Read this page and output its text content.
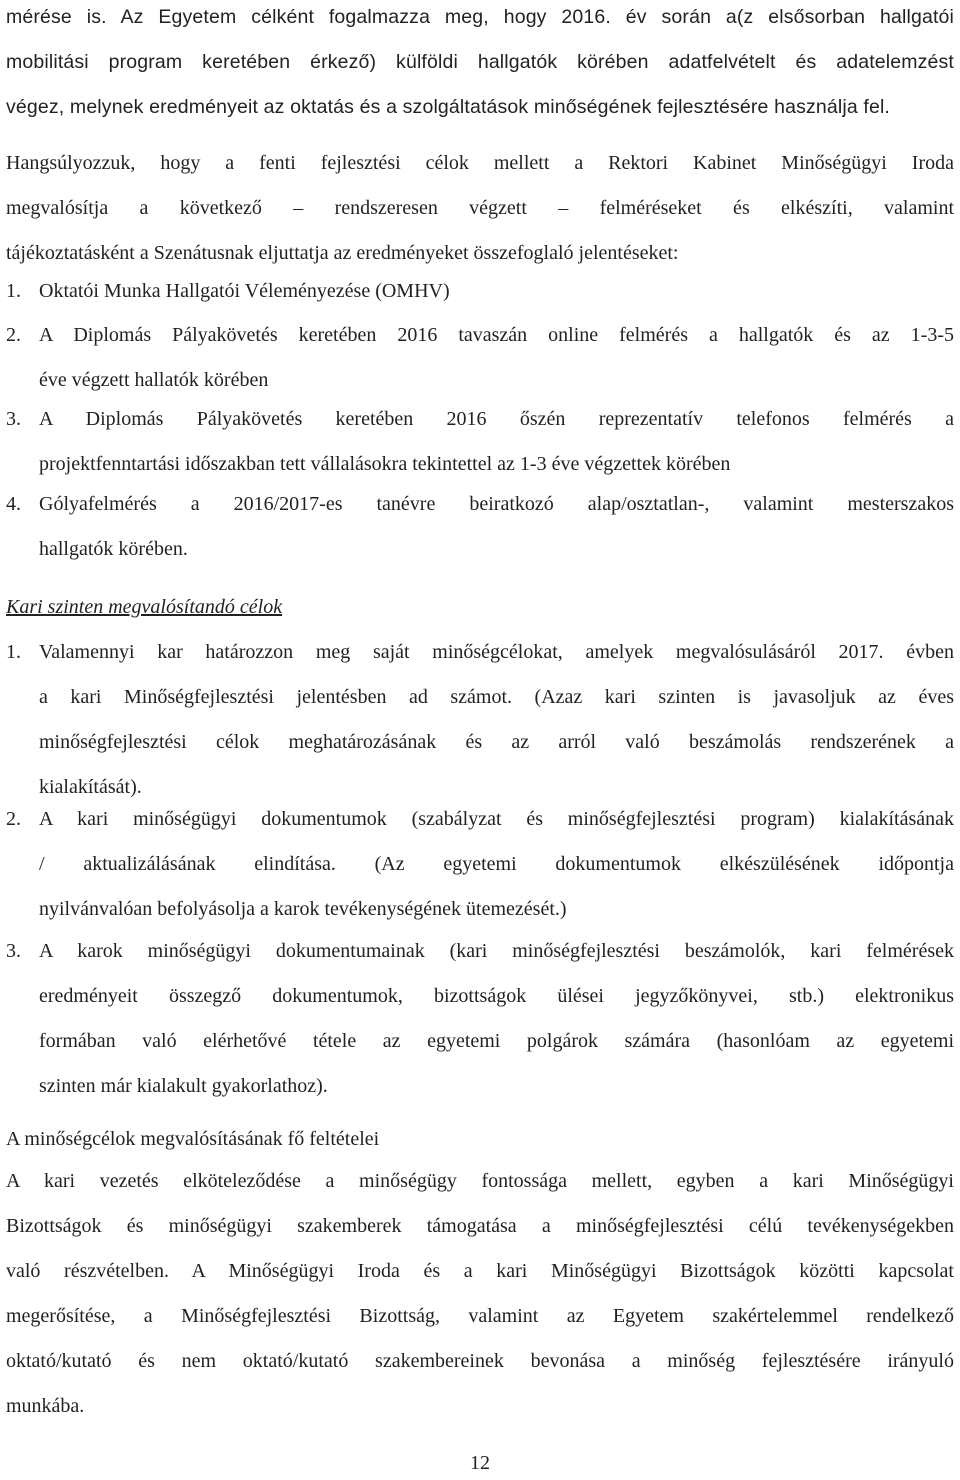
mérése is. Az Egyetem célként fogalmazza meg, hogy 2016. év során a(z elsősorban hallgatói
mobilitási program keretében érkező) külföldi hallgatók körében adatfelvételt és adatelemzést
végez, melynek eredményeit az oktatás és a szolgáltatások minőségének fejlesztésére használja fel.
Hangsúlyozzuk, hogy a fenti fejlesztési célok mellett a Rektori Kabinet Minőségügyi Iroda
megvalósítja a következő – rendszeresen végzett – felméréseket és elkészíti, valamint
tájékoztatásként a Szenátusnak eljuttatja az eredményeket összefoglaló jelentéseket:
1. Oktatói Munka Hallgatói Véleményezése (OMHV)
2. A Diplomás Pályakövetés keretében 2016 tavaszán online felmérés a hallgatók és az 1-3-5
éve végzett hallatók körében
3. A Diplomás Pályakövetés keretében 2016 őszén reprezentatív telefonos felmérés a
projektfenntartási időszakban tett vállalásokra tekintettel az 1-3 éve végzettek körében
4. Gólyafelmérés a 2016/2017-es tanévre beiratkozó alap/osztatlan-, valamint mesterszakos
hallgatók körében.
Kari szinten megvalósítandó célok
1. Valamennyi kar határozzon meg saját minőségcélokat, amelyek megvalósulásáról 2017. évben
a kari Minőségfejlesztési jelentésben ad számot. (Azaz kari szinten is javasoljuk az éves
minőségfejlesztési célok meghatározásának és az arról való beszámolás rendszerének a
kialakítását).
2. A kari minőségügyi dokumentumok (szabályzat és minőségfejlesztési program) kialakításának
/ aktualizálásának elindítása. (Az egyetemi dokumentumok elkészülésének időpontja
nyilvánvalóan befolyásolja a karok tevékenységének ütemezését.)
3. A karok minőségügyi dokumentumainak (kari minőségfejlesztési beszámolók, kari felmérések
eredményeit összegző dokumentumok, bizottságok ülései jegyzőkönyvei, stb.) elektronikus
formában való elérhetővé tétele az egyetemi polgárok számára (hasonlóam az egyetemi
szinten már kialakult gyakorlathoz).
A minőségcélok megvalósításának fő feltételei
A kari vezetés elköteleződése a minőségügy fontossága mellett, egyben a kari Minőségügyi
Bizottságok és minőségügyi szakemberek támogatása a minőségfejlesztési célú tevékenységekben
való részvételben. A Minőségügyi Iroda és a kari Minőségügyi Bizottságok közötti kapcsolat
megerősítése, a Minőségfejlesztési Bizottság, valamint az Egyetem szakértelemmel rendelkező
oktató/kutató és nem oktató/kutató szakembereinek bevonása a minőség fejlesztésére irányuló
munkába.
12
